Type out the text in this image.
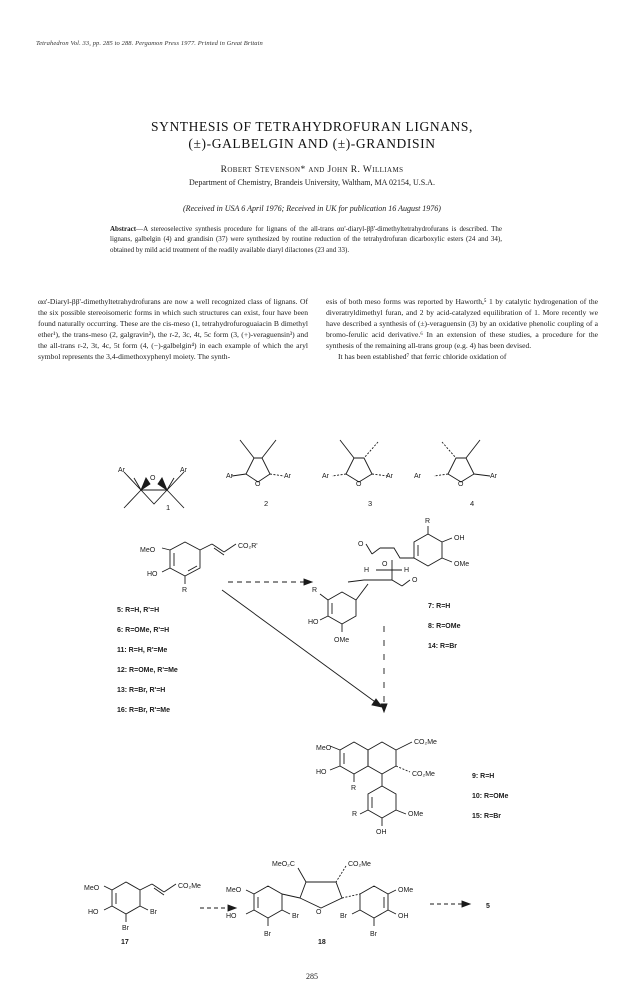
Tetrahedron Vol. 33, pp. 285 to 288. Pergamon Press 1977. Printed in Great Britain
SYNTHESIS OF TETRAHYDROFURAN LIGNANS,
(±)-GALBELGIN AND (±)-GRANDISIN
Robert Stevenson* and John R. Williams
Department of Chemistry, Brandeis University, Waltham, MA 02154, U.S.A.
(Received in USA 6 April 1976; Received in UK for publication 16 August 1976)
Abstract—A stereoselective synthesis procedure for lignans of the all-trans αα'-diaryl-ββ'-dimethyltetrahydrofurans is described. The lignans, galbelgin (4) and grandisin (37) were synthesized by routine reduction of the tetrahydrofuran dicarboxylic esters (24 and 34), obtained by mild acid treatment of the readily available diaryl dilactones (23 and 33).

αα'-Diaryl-ββ'-dimethyltetrahydrofurans are now a well recognized class of lignans. Of the six possible stereoisomeric forms in which such structures can exist, four have been found naturally occurring. These are the cis-meso (1, tetrahydrofuroguaiacin B dimethyl ether¹), the trans-meso (2, galgravin²), the r-2, 3c, 4t, 5c form (3, (+)-veraguensin³) and the all-trans r-2, 3t, 4c, 5t form (4, (−)-galbelgin⁴) in each example of which the aryl symbol represents the 3,4-dimethoxyphenyl moiety. The synth-

esis of both meso forms was reported by Haworth,⁵ 1 by catalytic hydrogenation of the diveratryldimethyl furan, and 2 by acid-catalyzed equilibration of 1. More recently we have described a synthesis of (±)-veraguensin (3) by an oxidative phenolic coupling of a bromo-ferulic acid derivative.⁶ In an extension of these studies, a procedure for the synthesis of the remaining all-trans group (e.g. 4) has been devised.

It has been established⁷ that ferric chloride oxidation of

Ar
O
Ar
1
Ar
O
Ar
2
Ar
O
Ar
3
Ar
O
Ar
4
MeO
CO₂R'
HO
R
5: R=H, R'=H
6: R=OMe, R'=H
11: R=H, R'=Me
12: R=OMe, R'=Me
13: R=Br, R'=H
16: R=Br, R'=Me
R
OH
OMe
O
O
H	H
O
R
HO
OMe
7: R=H
8: R=OMe
14: R=Br
MeO
CO₂Me
CO₂Me
HO
R
R	OMe
OH
9: R=H
10: R=OMe
15: R=Br
MeO	CO₂Me
HO	Br
Br
17
MeO₂C	CO₂Me
O
MeO
HO	Br
Br
OMe
OH
Br
Br
18
5
285
